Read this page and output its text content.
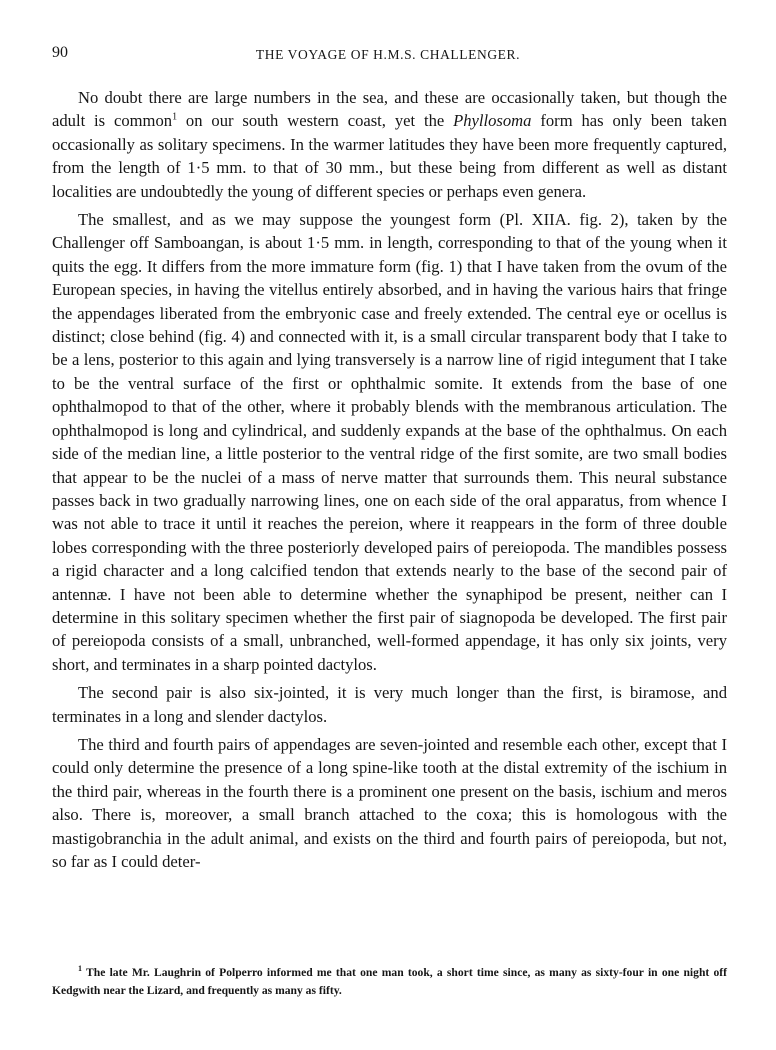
90	THE VOYAGE OF H.M.S. CHALLENGER.

No doubt there are large numbers in the sea, and these are occasionally taken, but though the adult is common$^1$ on our south western coast, yet the Phyllosoma form has only been taken occasionally as solitary specimens. In the warmer latitudes they have been more frequently captured, from the length of 1·5 mm. to that of 30 mm., but these being from different as well as distant localities are undoubtedly the young of different species or perhaps even genera.

The smallest, and as we may suppose the youngest form (Pl. XIIA. fig. 2), taken by the Challenger off Samboangan, is about 1·5 mm. in length, corresponding to that of the young when it quits the egg. It differs from the more immature form (fig. 1) that I have taken from the ovum of the European species, in having the vitellus entirely absorbed, and in having the various hairs that fringe the appendages liberated from the embryonic case and freely extended. The central eye or ocellus is distinct; close behind (fig. 4) and connected with it, is a small circular transparent body that I take to be a lens, posterior to this again and lying transversely is a narrow line of rigid integument that I take to be the ventral surface of the first or ophthalmic somite. It extends from the base of one ophthalmopod to that of the other, where it probably blends with the membranous articulation. The ophthalmopod is long and cylindrical, and suddenly expands at the base of the ophthalmus. On each side of the median line, a little posterior to the ventral ridge of the first somite, are two small bodies that appear to be the nuclei of a mass of nerve matter that surrounds them. This neural substance passes back in two gradually narrowing lines, one on each side of the oral apparatus, from whence I was not able to trace it until it reaches the pereion, where it reappears in the form of three double lobes corresponding with the three posteriorly developed pairs of pereiopoda. The mandibles possess a rigid character and a long calcified tendon that extends nearly to the base of the second pair of antennæ. I have not been able to determine whether the synaphipod be present, neither can I determine in this solitary specimen whether the first pair of siagnopoda be developed. The first pair of pereiopoda consists of a small, unbranched, well-formed appendage, it has only six joints, very short, and terminates in a sharp pointed dactylos.

The second pair is also six-jointed, it is very much longer than the first, is biramose, and terminates in a long and slender dactylos.

The third and fourth pairs of appendages are seven-jointed and resemble each other, except that I could only determine the presence of a long spine-like tooth at the distal extremity of the ischium in the third pair, whereas in the fourth there is a prominent one present on the basis, ischium and meros also. There is, moreover, a small branch attached to the coxa; this is homologous with the mastigobranchia in the adult animal, and exists on the third and fourth pairs of pereiopoda, but not, so far as I could deter-

$^1$ The late Mr. Laughrin of Polperro informed me that one man took, a short time since, as many as sixty-four in one night off Kedgwith near the Lizard, and frequently as many as fifty.
